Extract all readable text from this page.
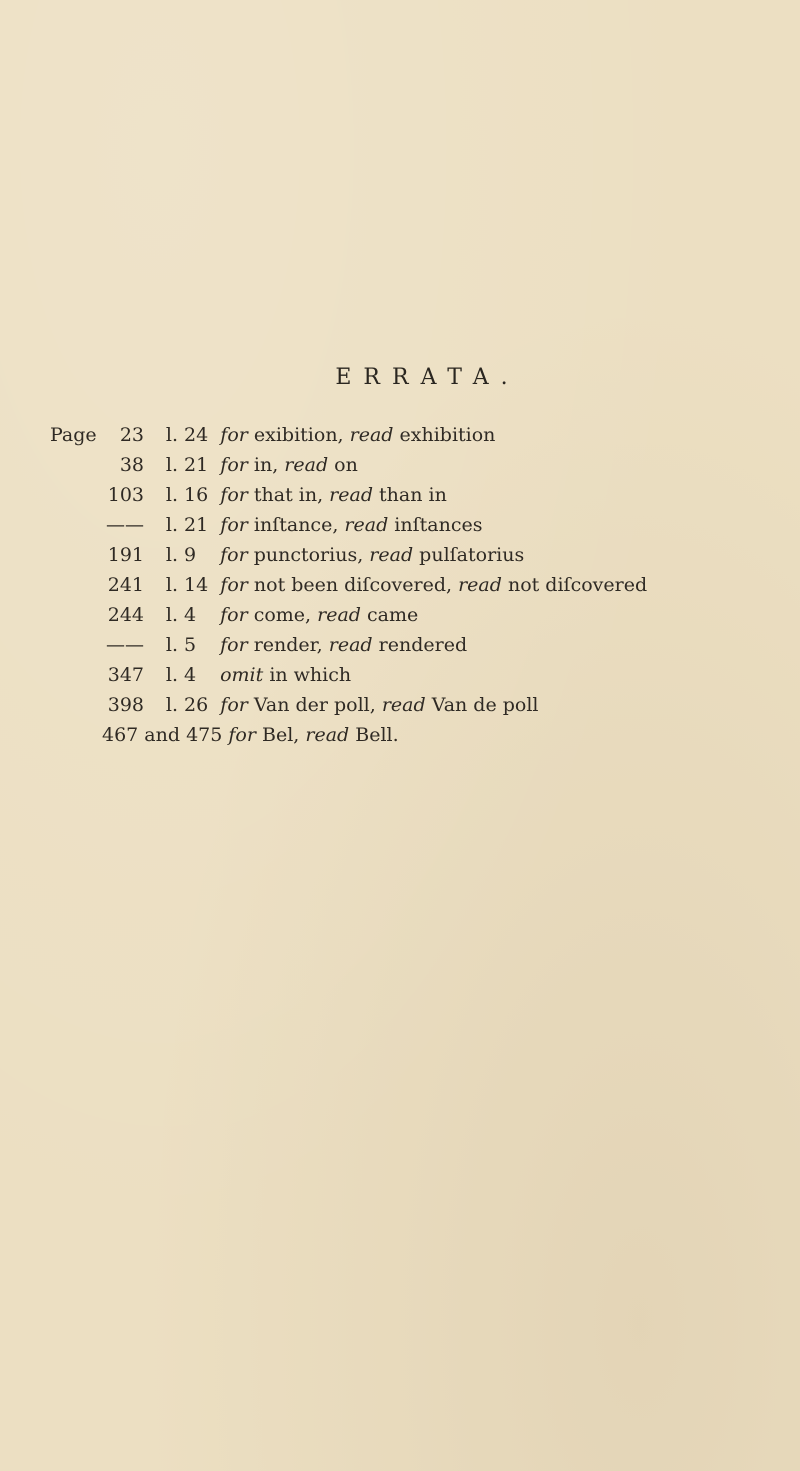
ERRATA.
Page 23 l. 24 for exibition, read exhibition
38 l. 21 for in, read on
103 l. 16 for that in, read than in
—— l. 21 for inſtance, read inſtances
191 l. 9 for punctorius, read pulſatorius
241 l. 14 for not been diſcovered, read not diſcovered
244 l. 4 for come, read came
—— l. 5 for render, read rendered
347 l. 4 omit in which
398 l. 26 for Van der poll, read Van de poll
467 and 475 for Bel, read Bell.
